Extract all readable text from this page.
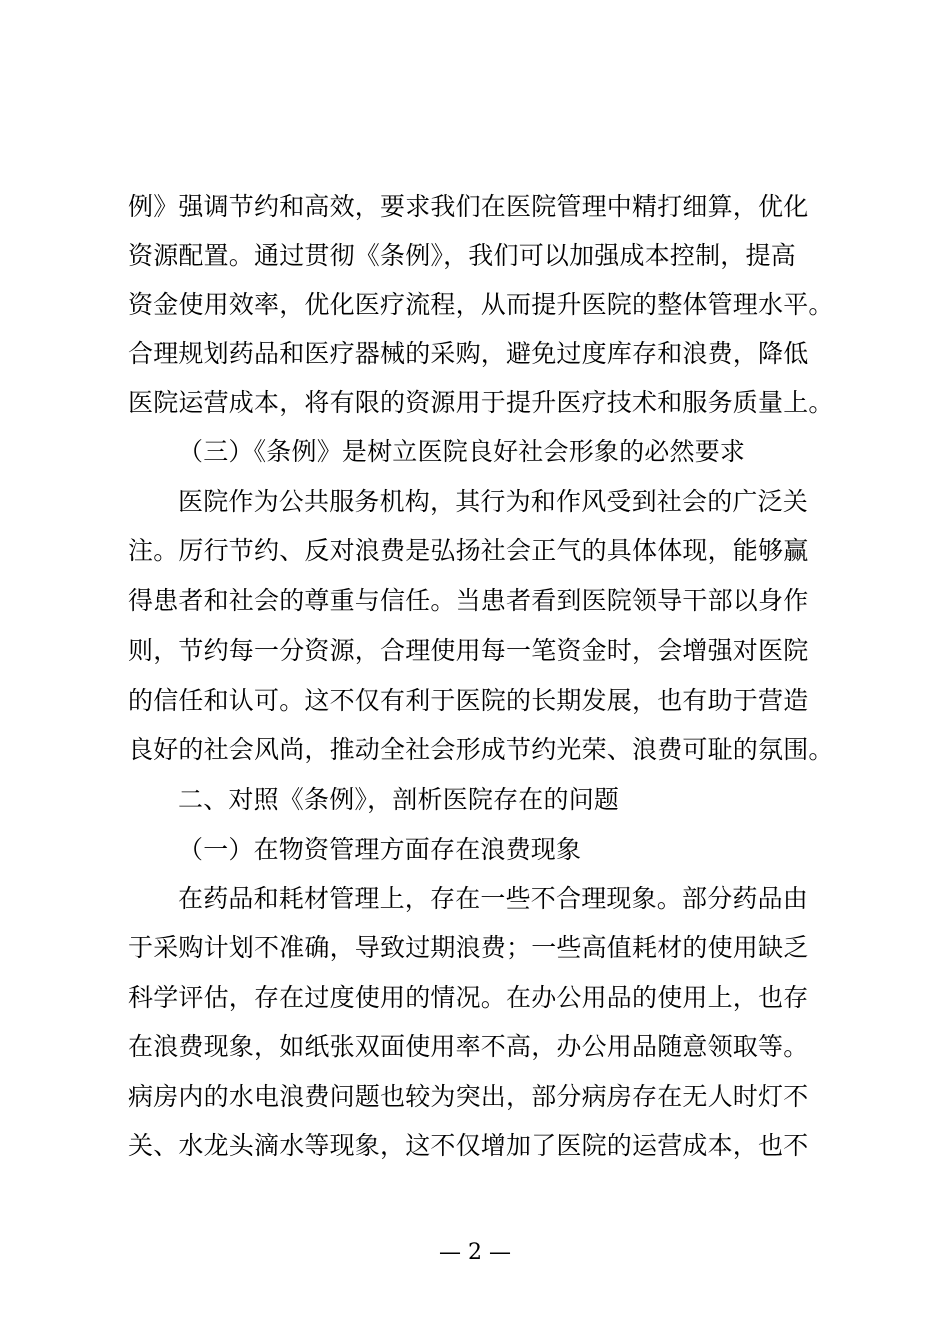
例》强调节约和高效，要求我们在医院管理中精打细算，优化
资源配置。通过贯彻《条例》，我们可以加强成本控制，提高
资金使用效率，优化医疗流程，从而提升医院的整体管理水平。
合理规划药品和医疗器械的采购，避免过度库存和浪费，降低
医院运营成本，将有限的资源用于提升医疗技术和服务质量上。
（三）《条例》是树立医院良好社会形象的必然要求
医院作为公共服务机构，其行为和作风受到社会的广泛关
注。厉行节约、反对浪费是弘扬社会正气的具体体现，能够赢
得患者和社会的尊重与信任。当患者看到医院领导干部以身作
则，节约每一分资源，合理使用每一笔资金时，会增强对医院
的信任和认可。这不仅有利于医院的长期发展，也有助于营造
良好的社会风尚，推动全社会形成节约光荣、浪费可耻的氛围。
二、对照《条例》，剖析医院存在的问题
（一）在物资管理方面存在浪费现象
在药品和耗材管理上，存在一些不合理现象。部分药品由
于采购计划不准确，导致过期浪费；一些高值耗材的使用缺乏
科学评估，存在过度使用的情况。在办公用品的使用上，也存
在浪费现象，如纸张双面使用率不高，办公用品随意领取等。
病房内的水电浪费问题也较为突出，部分病房存在无人时灯不
关、水龙头滴水等现象，这不仅增加了医院的运营成本，也不
— 2 —
